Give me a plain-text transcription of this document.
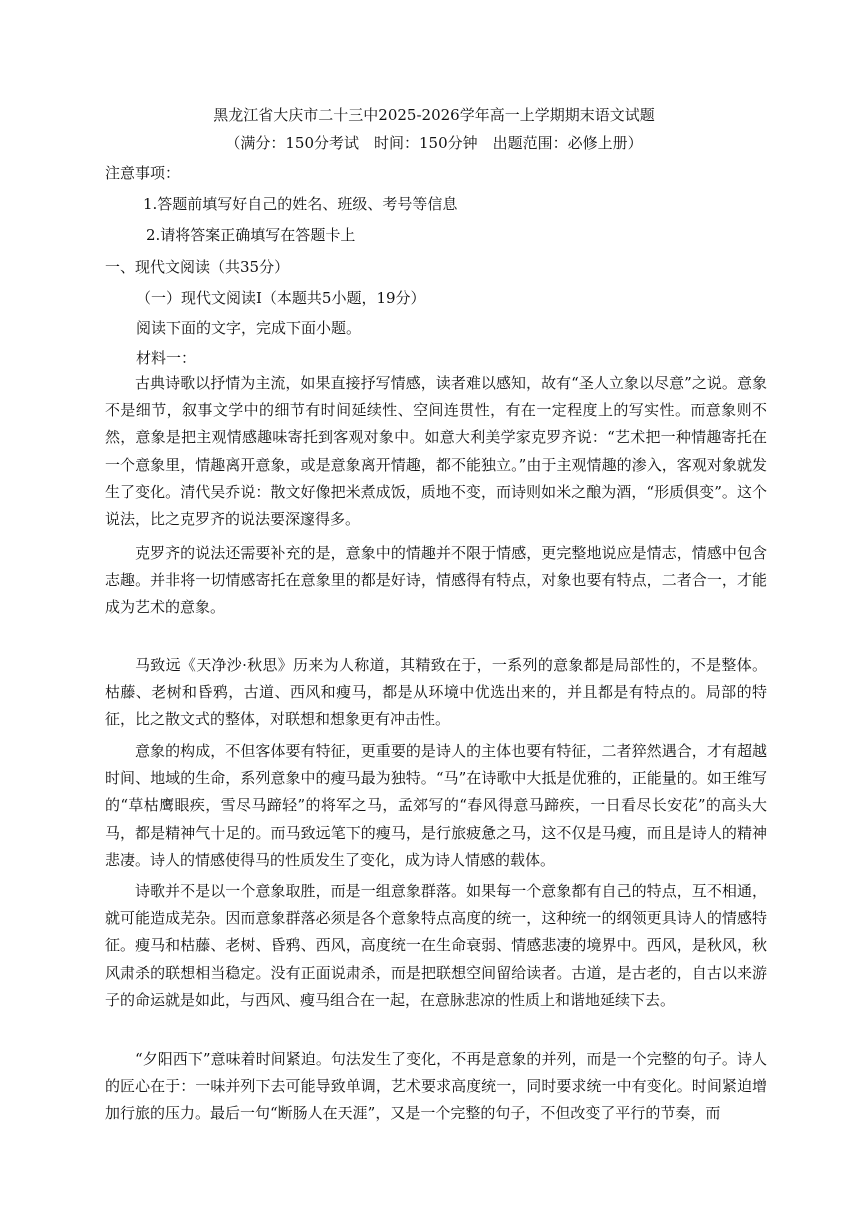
黑龙江省大庆市二十三中2025-2026学年高一上学期期末语文试题
（满分：150分考试　时间：150分钟　出题范围：必修上册）
注意事项：
1.答题前填写好自己的姓名、班级、考号等信息
2.请将答案正确填写在答题卡上
一、现代文阅读（共35分）
（一）现代文阅读Ⅰ（本题共5小题，19分）
阅读下面的文字，完成下面小题。
材料一：

古典诗歌以抒情为主流，如果直接抒写情感，读者难以感知，故有“圣人立象以尽意”之说。意象不是细节，叙事文学中的细节有时间延续性、空间连贯性，有在一定程度上的写实性。而意象则不然，意象是把主观情感趣味寄托到客观对象中。如意大利美学家克罗齐说：“艺术把一种情趣寄托在一个意象里，情趣离开意象，或是意象离开情趣，都不能独立。”由于主观情趣的渗入，客观对象就发生了变化。清代吴乔说：散文好像把米煮成饭，质地不变，而诗则如米之酿为酒，“形质俱变”。这个说法，比之克罗齐的说法要深邃得多。

克罗齐的说法还需要补充的是，意象中的情趣并不限于情感，更完整地说应是情志，情感中包含志趣。并非将一切情感寄托在意象里的都是好诗，情感得有特点，对象也要有特点，二者合一，才能成为艺术的意象。

马致远《天净沙·秋思》历来为人称道，其精致在于，一系列的意象都是局部性的，不是整体。枯藤、老树和昏鸦，古道、西风和瘦马，都是从环境中优选出来的，并且都是有特点的。局部的特征，比之散文式的整体，对联想和想象更有冲击性。

意象的构成，不但客体要有特征，更重要的是诗人的主体也要有特征，二者猝然遇合，才有超越时间、地域的生命，系列意象中的瘦马最为独特。“马”在诗歌中大抵是优雅的，正能量的。如王维写的“草枯鹰眼疾，雪尽马蹄轻”的将军之马，孟郊写的“春风得意马蹄疾，一日看尽长安花”的高头大马，都是精神气十足的。而马致远笔下的瘦马，是行旅疲惫之马，这不仅是马瘦，而且是诗人的精神悲凄。诗人的情感使得马的性质发生了变化，成为诗人情感的载体。

诗歌并不是以一个意象取胜，而是一组意象群落。如果每一个意象都有自己的特点，互不相通，就可能造成芜杂。因而意象群落必须是各个意象特点高度的统一，这种统一的纲领更具诗人的情感特征。瘦马和枯藤、老树、昏鸦、西风，高度统一在生命衰弱、情感悲凄的境界中。西风，是秋风，秋风肃杀的联想相当稳定。没有正面说肃杀，而是把联想空间留给读者。古道，是古老的，自古以来游子的命运就是如此，与西风、瘦马组合在一起，在意脉悲凉的性质上和谐地延续下去。

“夕阳西下”意味着时间紧迫。句法发生了变化，不再是意象的并列，而是一个完整的句子。诗人的匠心在于：一味并列下去可能导致单调，艺术要求高度统一，同时要求统一中有变化。时间紧迫增加行旅的压力。最后一句“断肠人在天涯”，又是一个完整的句子，不但改变了平行的节奏，而
